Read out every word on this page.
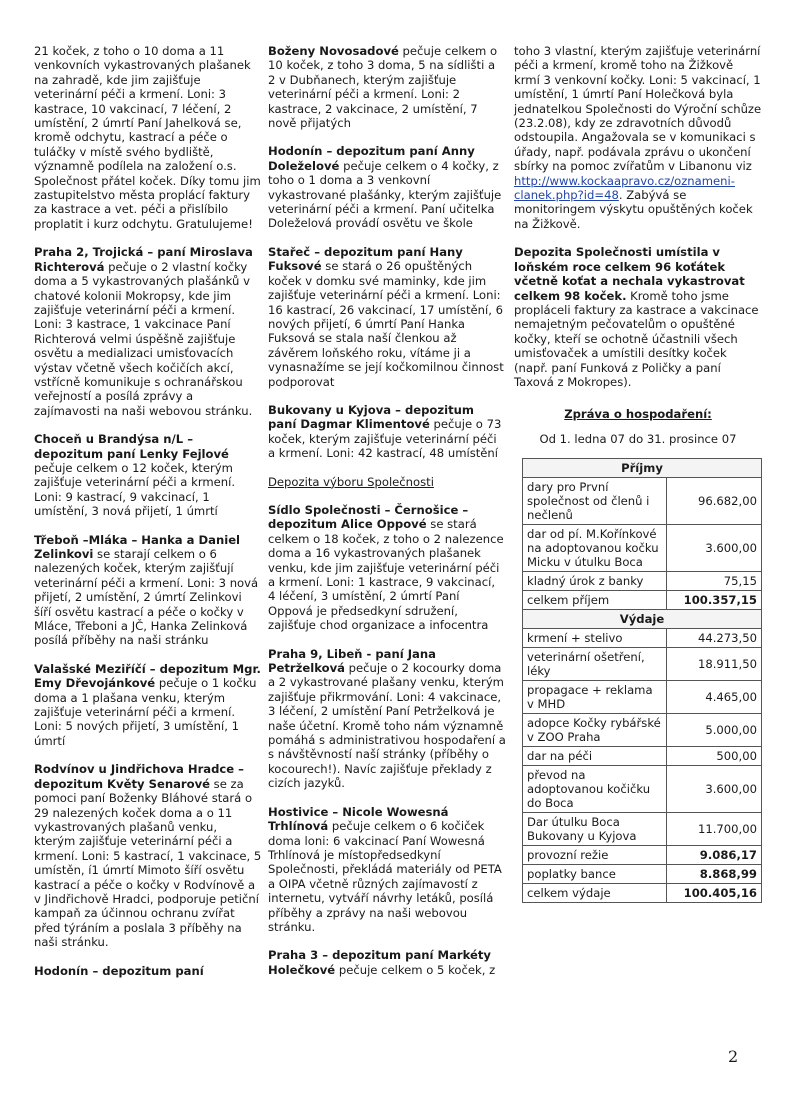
21 koček, z toho o 10 doma a 11 venkovních vykastrovaných plašanek na zahradě, kde jim zajišťuje veterinární péči a krmení. Loni: 3 kastrace, 10 vakcinací, 7 léčení, 2 umístění, 2 úmrtí Paní Jahelková se, kromě odchytu, kastrací a péče o tuláčky v místě svého bydliště, významně podílela na založení o.s. Společnost přátel koček. Díky tomu jim zastupitelstvo města proplácí faktury za kastrace a vet. péči a přislíbilo proplatit i kurz odchytu. Gratulujeme!

Praha 2, Trojická – paní Miroslava Richterová pečuje o 2 vlastní kočky doma a 5 vykastrovaných plašánků v chatové kolonii Mokropsy, kde jim zajišťuje veterinární péči a krmení. Loni: 3 kastrace, 1 vakcinace Paní Richterová velmi úspěšně zajišťuje osvětu a medializaci umisťovacích výstav včetně všech kočičích akcí, vstřícně komunikuje s ochranářskou veřejností a posílá zprávy a zajímavosti na naši webovou stránku.

Choceň u Brandýsa n/L – depozitum paní Lenky Fejlové pečuje celkem o 12 koček, kterým zajišťuje veterinární péči a krmení. Loni: 9 kastrací, 9 vakcinací, 1 umístění, 3 nová přijetí, 1 úmrtí

Třeboň –Mláka – Hanka a Daniel Zelinkovi se starají celkem o 6 nalezených koček, kterým zajišťují veterinární péči a krmení. Loni: 3 nová přijetí, 2 umístění, 2 úmrtí Zelinkovi šíří osvětu kastrací a péče o kočky v Mláce, Třeboni a JČ, Hanka Zelinková posílá příběhy na naši stránku

Valašské Meziříčí – depozitum Mgr. Emy Dřevojánkové pečuje o 1 kočku doma a 1 plašana venku, kterým zajišťuje veterinární péči a krmení. Loni: 5 nových přijetí, 3 umístění, 1 úmrtí

Rodvínov u Jindřichova Hradce – depozitum Květy Senarové se za pomoci paní Boženky Bláhové stará o 29 nalezených koček doma a o 11 vykastrovaných plašanů venku, kterým zajišťuje veterinární péči a krmení. Loni: 5 kastrací, 1 vakcinace, 5 umístěn, í1 úmrtí Mimoto šíří osvětu kastrací a péče o kočky v Rodvínově a v Jindřichově Hradci, podporuje petiční kampaň za účinnou ochranu zvířat před týráním a poslala 3 příběhy na naši stránku.

Hodonín – depozitum paní

Boženy Novosadové pečuje celkem o 10 koček, z toho 3 doma, 5 na sídlišti a 2 v Dubňanech, kterým zajišťuje veterinární péči a krmení. Loni: 2 kastrace, 2 vakcinace, 2 umístění, 7 nově přijatých

Hodonín – depozitum paní Anny Doleželové pečuje celkem o 4 kočky, z toho o 1 doma a 3 venkovní vykastrované plašánky, kterým zajišťuje veterinární péči a krmení. Paní učitelka Doleželová provádí osvětu ve škole

Stařeč – depozitum paní Hany Fuksové se stará o 26 opuštěných koček v domku své maminky, kde jim zajišťuje veterinární péči a krmení. Loni: 16 kastrací, 26 vakcinací, 17 umístění, 6 nových přijetí, 6 úmrtí Paní Hanka Fuksová se stala naší členkou až závěrem loňského roku, vítáme ji a vynasnažíme se její kočkomilnou činnost podporovat

Bukovany u Kyjova – depozitum paní Dagmar Klimentové pečuje o 73 koček, kterým zajišťuje veterinární péči a krmení. Loni: 42 kastrací, 48 umístění

Depozita výboru Společnosti

Sídlo Společnosti – Černošice – depozitum Alice Oppové se stará celkem o 18 koček, z toho o 2 nalezence doma a 16 vykastrovaných plašanek venku, kde jim zajišťuje veterinární péči a krmení. Loni: 1 kastrace, 9 vakcinací, 4 léčení, 3 umístění, 2 úmrtí Paní Oppová je předsedkyní sdružení, zajišťuje chod organizace a infocentra

Praha 9, Libeň - paní Jana Petrželková pečuje o 2 kocourky doma a 2 vykastrované plašany venku, kterým zajišťuje přikrmování. Loni: 4 vakcinace, 3 léčení, 2 umístění Paní Petrželková je naše účetní. Kromě toho nám významně pomáhá s administrativou hospodaření a s návštěvností naší stránky (příběhy o kocourech!). Navíc zajišťuje překlady z cizích jazyků.

Hostivice – Nicole Wowesná Trhlínová pečuje celkem o 6 kočiček doma loni: 6 vakcinací Paní Wowesná Trhlínová je místopředsedkyní Společnosti, překládá materiály od PETA a OIPA včetně různých zajímavostí z internetu, vytváří návrhy letáků, posílá příběhy a zprávy na naši webovou stránku.

Praha 3 – depozitum paní Markéty Holečkové pečuje celkem o 5 koček, z

toho 3 vlastní, kterým zajišťuje veterinární péči a krmení, kromě toho na Žižkově krmí 3 venkovní kočky. Loni: 5 vakcinací, 1 umístění, 1 úmrtí Paní Holečková byla jednatelkou Společnosti do Výroční schůze (23.2.08), kdy ze zdravotních důvodů odstoupila. Angažovala se v komunikaci s úřady, např. podávala zprávu o ukončení sbírky na pomoc zvířatům v Libanonu viz http://www.kockaapravo.cz/oznameni-clanek.php?id=48. Zabývá se monitoringem výskytu opuštěných koček na Žižkově.

Depozita Společnosti umístila v loňském roce celkem 96 koťátek včetně koťat a nechala vykastrovat celkem 98 koček. Kromě toho jsme propláceli faktury za kastrace a vakcinace nemajetným pečovatelům o opuštěné kočky, kteří se ochotně účastnili všech umisťovaček a umístili desítky koček (např. paní Funková z Poličky a paní Taxová z Mokropes).

Zpráva o hospodaření:
Od 1. ledna 07 do 31. prosince 07
Příjmy	
dary pro První společnost od členů i nečlenů	96.682,00
dar od pí. M.Kořínkové na adoptovanou kočku Micku v útulku Boca	3.600,00
kladný úrok z banky	75,15
celkem příjem	100.357,15
Výdaje	
krmení + stelivo	44.273,50
veterinární ošetření, léky	18.911,50
propagace + reklama v MHD	4.465,00
adopce Kočky rybářské v ZOO Praha	5.000,00
dar na péči	500,00
převod na adoptovanou kočičku do Boca	3.600,00
Dar útulku Boca Bukovany u Kyjova	11.700,00
provozní režie	9.086,17
poplatky bance	8.868,99
celkem výdaje	100.405,16
2
